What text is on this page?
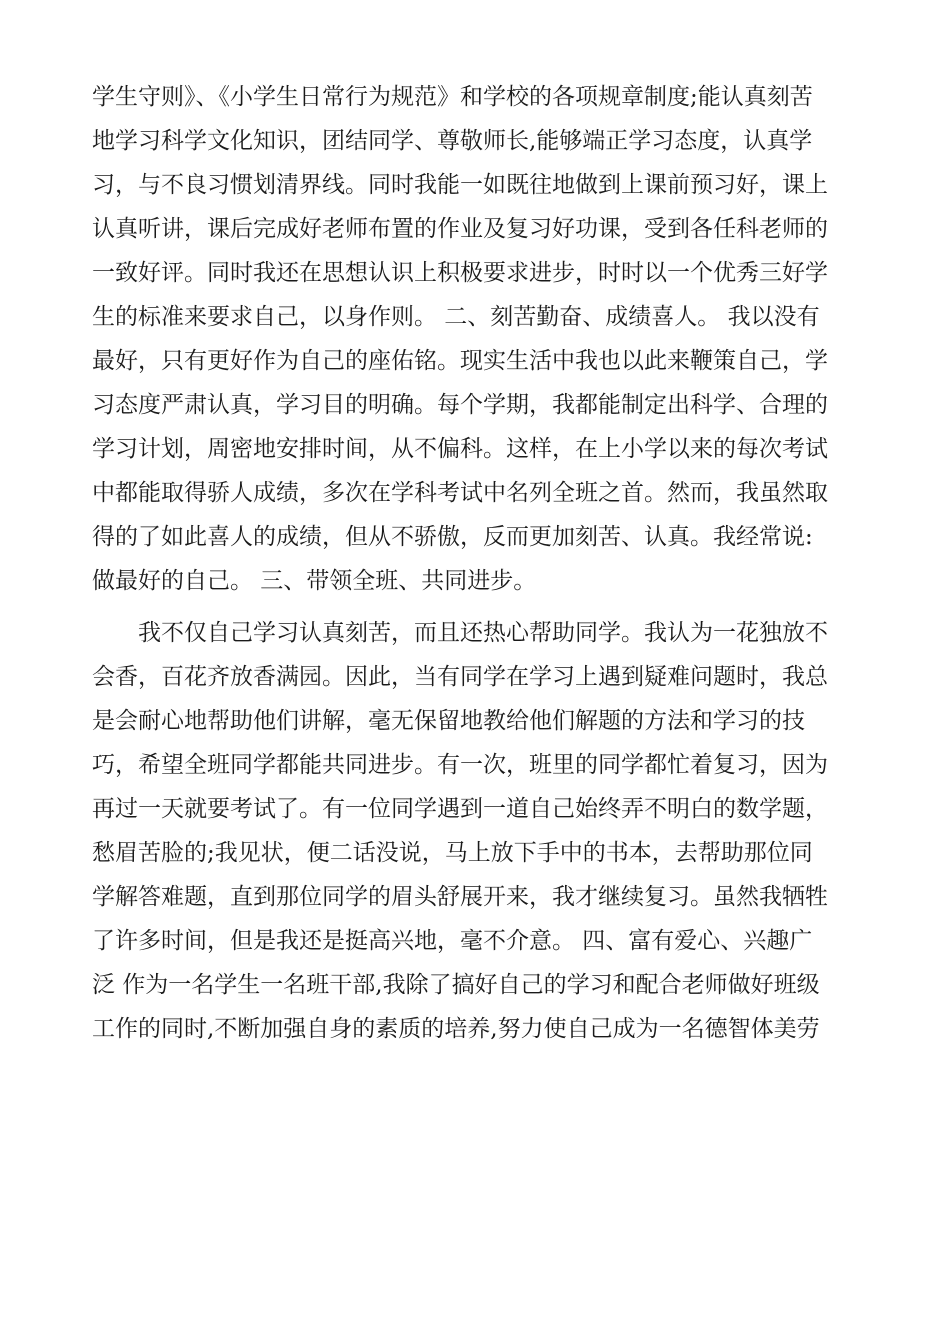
学生守则》、《小学生日常行为规范》和学校的各项规章制度;能认真刻苦
地学习科学文化知识，团结同学、尊敬师长,能够端正学习态度，认真学
习，与不良习惯划清界线。同时我能一如既往地做到上课前预习好，课上
认真听讲，课后完成好老师布置的作业及复习好功课，受到各任科老师的
一致好评。同时我还在思想认识上积极要求进步，时时以一个优秀三好学
生的标准来要求自己，以身作则。 二、刻苦勤奋、成绩喜人。 我以没有
最好，只有更好作为自己的座佑铭。现实生活中我也以此来鞭策自己，学
习态度严肃认真，学习目的明确。每个学期，我都能制定出科学、合理的
学习计划，周密地安排时间，从不偏科。这样，在上小学以来的每次考试
中都能取得骄人成绩，多次在学科考试中名列全班之首。然而，我虽然取
得的了如此喜人的成绩，但从不骄傲，反而更加刻苦、认真。我经常说:
做最好的自己。 三、带领全班、共同进步。
我不仅自己学习认真刻苦，而且还热心帮助同学。我认为一花独放不
会香，百花齐放香满园。因此，当有同学在学习上遇到疑难问题时，我总
是会耐心地帮助他们讲解，毫无保留地教给他们解题的方法和学习的技
巧，希望全班同学都能共同进步。有一次，班里的同学都忙着复习，因为
再过一天就要考试了。有一位同学遇到一道自己始终弄不明白的数学题，
愁眉苦脸的;我见状，便二话没说，马上放下手中的书本，去帮助那位同
学解答难题，直到那位同学的眉头舒展开来，我才继续复习。虽然我牺牲
了许多时间，但是我还是挺高兴地，毫不介意。 四、富有爱心、兴趣广
泛 作为一名学生一名班干部,我除了搞好自己的学习和配合老师做好班级
工作的同时,不断加强自身的素质的培养,努力使自己成为一名德智体美劳
